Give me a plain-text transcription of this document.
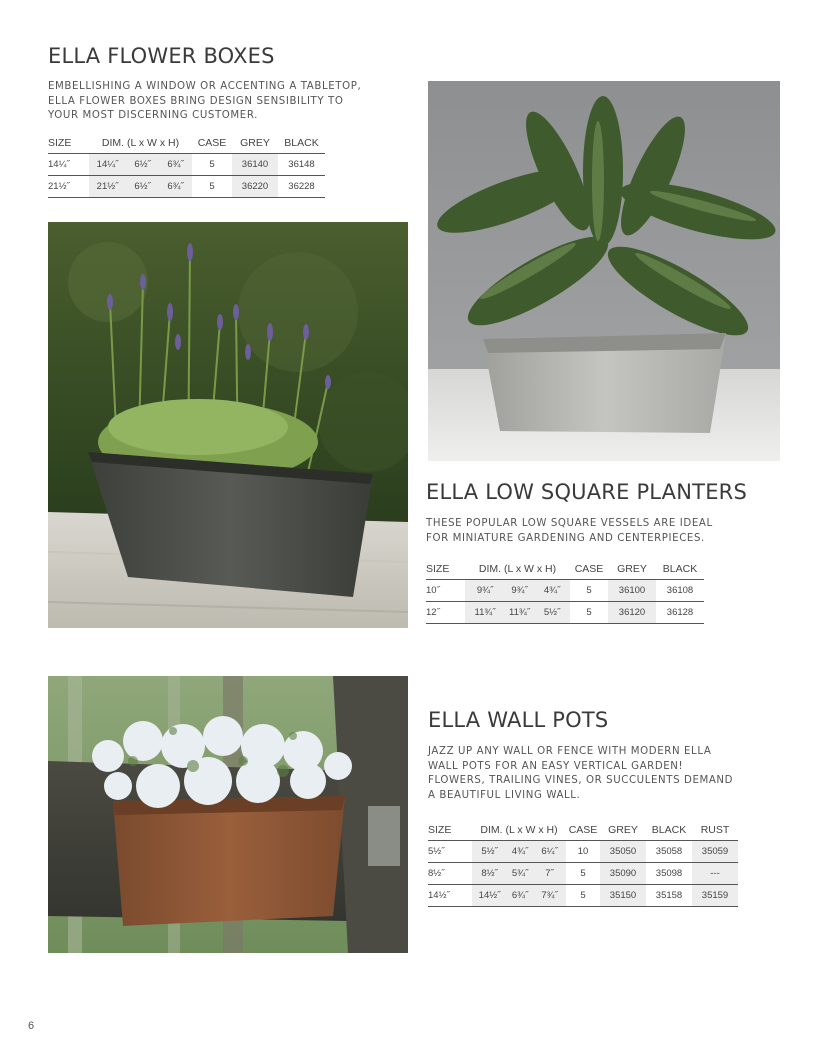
ELLA FLOWER BOXES
EMBELLISHING A WINDOW OR ACCENTING A TABLETOP,
ELLA FLOWER BOXES BRING DESIGN SENSIBILITY TO
YOUR MOST DISCERNING CUSTOMER.
SIZE	DIM. (L x W x H)			CASE	GREY	BLACK
14¼˝	14¼˝	6½˝	6¾˝	5	36140	36148
21½˝	21½˝	6½˝	6¾˝	5	36220	36228
ELLA LOW SQUARE PLANTERS
THESE POPULAR LOW SQUARE VESSELS ARE IDEAL
FOR MINIATURE GARDENING AND CENTERPIECES.
SIZE	DIM. (L x W x H)			CASE	GREY	BLACK
10˝	9¾˝	9¾˝	4¾˝	5	36100	36108
12˝	11¾˝	11¾˝	5½˝	5	36120	36128
ELLA WALL POTS
JAZZ UP ANY WALL OR FENCE WITH MODERN ELLA
WALL POTS FOR AN EASY VERTICAL GARDEN!
FLOWERS, TRAILING VINES, OR SUCCULENTS DEMAND
A BEAUTIFUL LIVING WALL.
SIZE	DIM. (L x W x H)			CASE	GREY	BLACK	RUST
5½˝	5½˝	4¾˝	6¼˝	10	35050	35058	35059
8½˝	8½˝	5¾˝	7˝	5	35090	35098	---
14½˝	14½˝	6¾˝	7¾˝	5	35150	35158	35159
6
